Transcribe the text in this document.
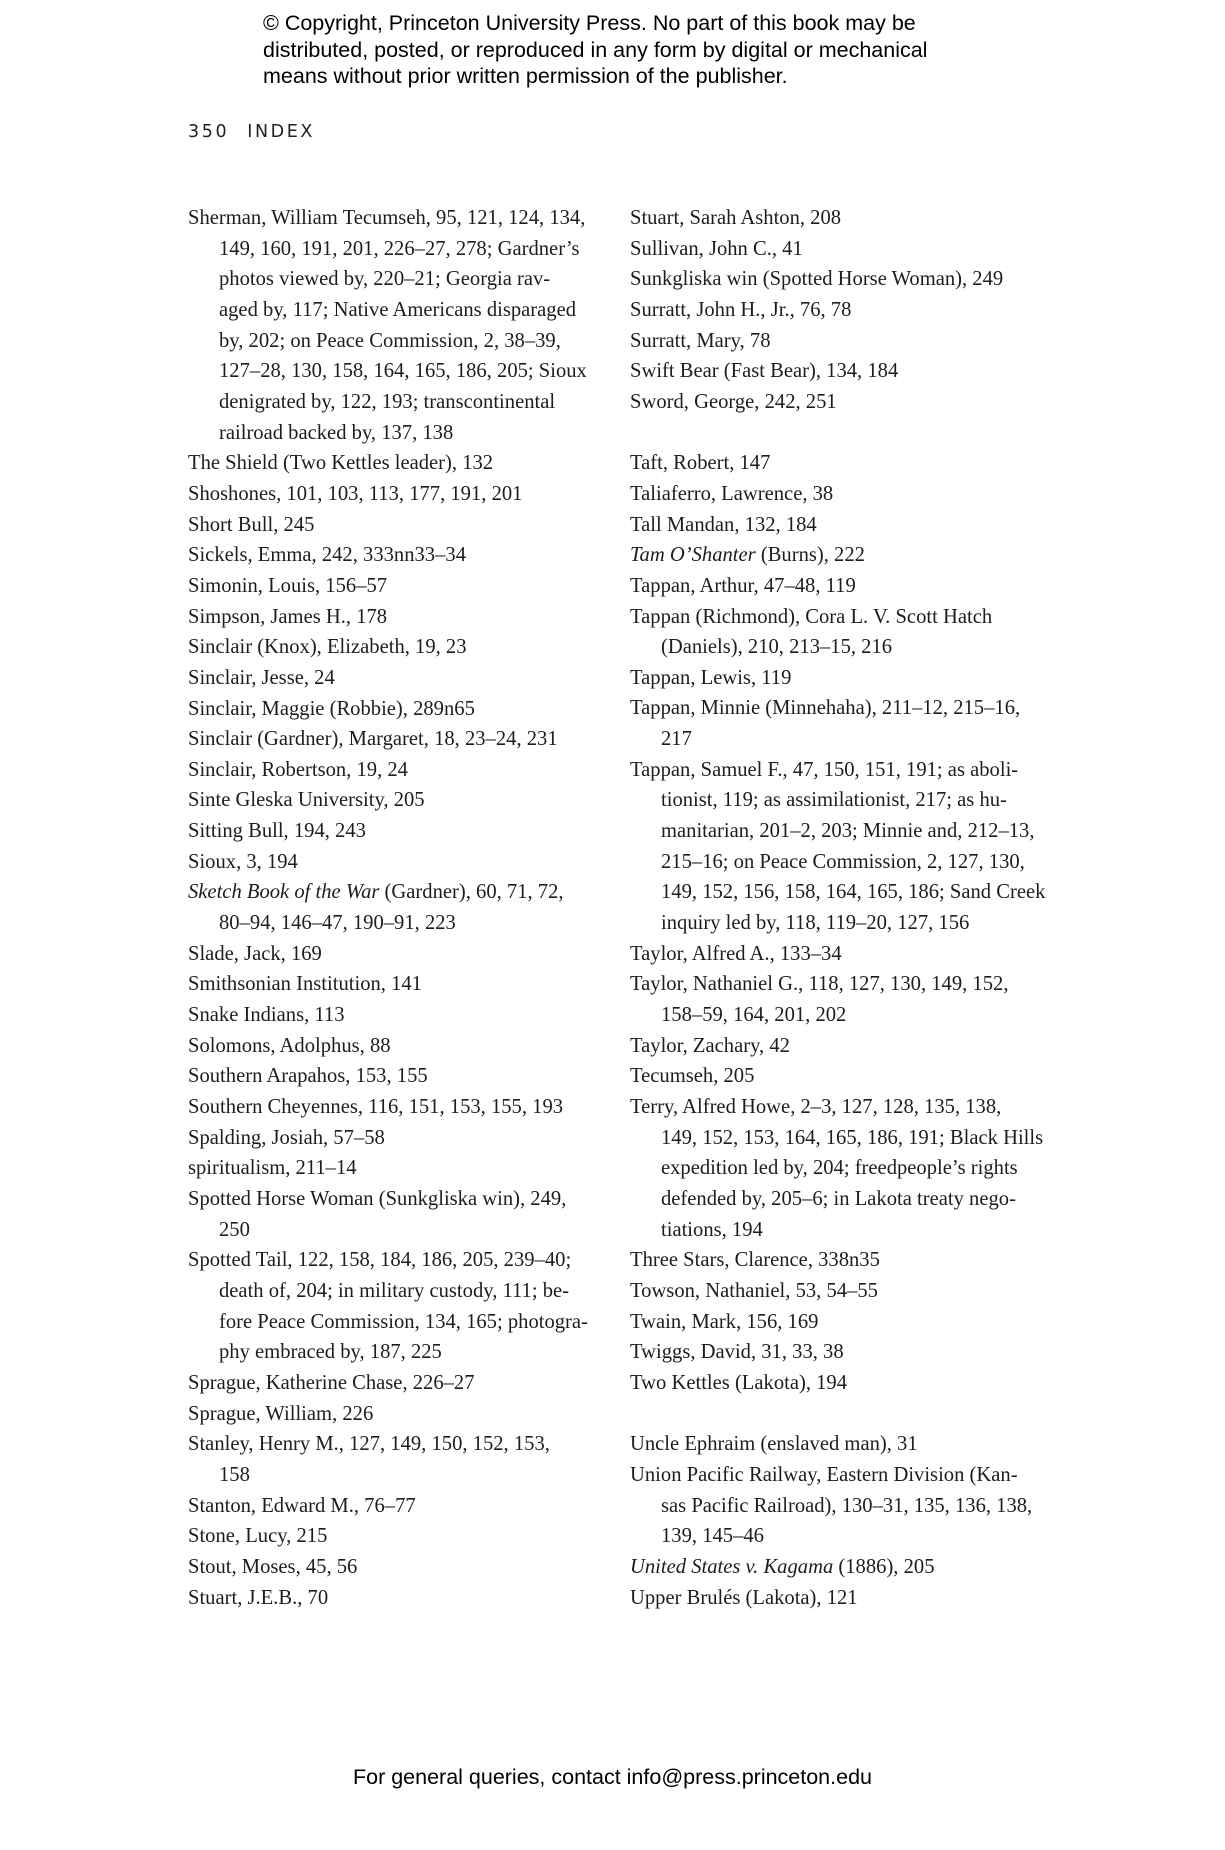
© Copyright, Princeton University Press. No part of this book may be
distributed, posted, or reproduced in any form by digital or mechanical
means without prior written permission of the publisher.
350 INDEX
Sherman, William Tecumseh, 95, 121, 124, 134,
149, 160, 191, 201, 226–27, 278; Gardner’s
photos viewed by, 220–21; Georgia rav-
aged by, 117; Native Americans disparaged
by, 202; on Peace Commission, 2, 38–39,
127–28, 130, 158, 164, 165, 186, 205; Sioux
denigrated by, 122, 193; transcontinental
railroad backed by, 137, 138
The Shield (Two Kettles leader), 132
Shoshones, 101, 103, 113, 177, 191, 201
Short Bull, 245
Sickels, Emma, 242, 333nn33–34
Simonin, Louis, 156–57
Simpson, James H., 178
Sinclair (Knox), Elizabeth, 19, 23
Sinclair, Jesse, 24
Sinclair, Maggie (Robbie), 289n65
Sinclair (Gardner), Margaret, 18, 23–24, 231
Sinclair, Robertson, 19, 24
Sinte Gleska University, 205
Sitting Bull, 194, 243
Sioux, 3, 194
Sketch Book of the War (Gardner), 60, 71, 72,
80–94, 146–47, 190–91, 223
Slade, Jack, 169
Smithsonian Institution, 141
Snake Indians, 113
Solomons, Adolphus, 88
Southern Arapahos, 153, 155
Southern Cheyennes, 116, 151, 153, 155, 193
Spalding, Josiah, 57–58
spiritualism, 211–14
Spotted Horse Woman (Sunkgliska win), 249,
250
Spotted Tail, 122, 158, 184, 186, 205, 239–40;
death of, 204; in military custody, 111; be-
fore Peace Commission, 134, 165; photogra-
phy embraced by, 187, 225
Sprague, Katherine Chase, 226–27
Sprague, William, 226
Stanley, Henry M., 127, 149, 150, 152, 153,
158
Stanton, Edward M., 76–77
Stone, Lucy, 215
Stout, Moses, 45, 56
Stuart, J.E.B., 70
Stuart, Sarah Ashton, 208
Sullivan, John C., 41
Sunkgliska win (Spotted Horse Woman), 249
Surratt, John H., Jr., 76, 78
Surratt, Mary, 78
Swift Bear (Fast Bear), 134, 184
Sword, George, 242, 251
Taft, Robert, 147
Taliaferro, Lawrence, 38
Tall Mandan, 132, 184
Tam O’Shanter (Burns), 222
Tappan, Arthur, 47–48, 119
Tappan (Richmond), Cora L. V. Scott Hatch
(Daniels), 210, 213–15, 216
Tappan, Lewis, 119
Tappan, Minnie (Minnehaha), 211–12, 215–16,
217
Tappan, Samuel F., 47, 150, 151, 191; as aboli-
tionist, 119; as assimilationist, 217; as hu-
manitarian, 201–2, 203; Minnie and, 212–13,
215–16; on Peace Commission, 2, 127, 130,
149, 152, 156, 158, 164, 165, 186; Sand Creek
inquiry led by, 118, 119–20, 127, 156
Taylor, Alfred A., 133–34
Taylor, Nathaniel G., 118, 127, 130, 149, 152,
158–59, 164, 201, 202
Taylor, Zachary, 42
Tecumseh, 205
Terry, Alfred Howe, 2–3, 127, 128, 135, 138,
149, 152, 153, 164, 165, 186, 191; Black Hills
expedition led by, 204; freedpeople’s rights
defended by, 205–6; in Lakota treaty nego-
tiations, 194
Three Stars, Clarence, 338n35
Towson, Nathaniel, 53, 54–55
Twain, Mark, 156, 169
Twiggs, David, 31, 33, 38
Two Kettles (Lakota), 194
Uncle Ephraim (enslaved man), 31
Union Pacific Railway, Eastern Division (Kan-
sas Pacific Railroad), 130–31, 135, 136, 138,
139, 145–46
United States v. Kagama (1886), 205
Upper Brulés (Lakota), 121
For general queries, contact info@press.princeton.edu
